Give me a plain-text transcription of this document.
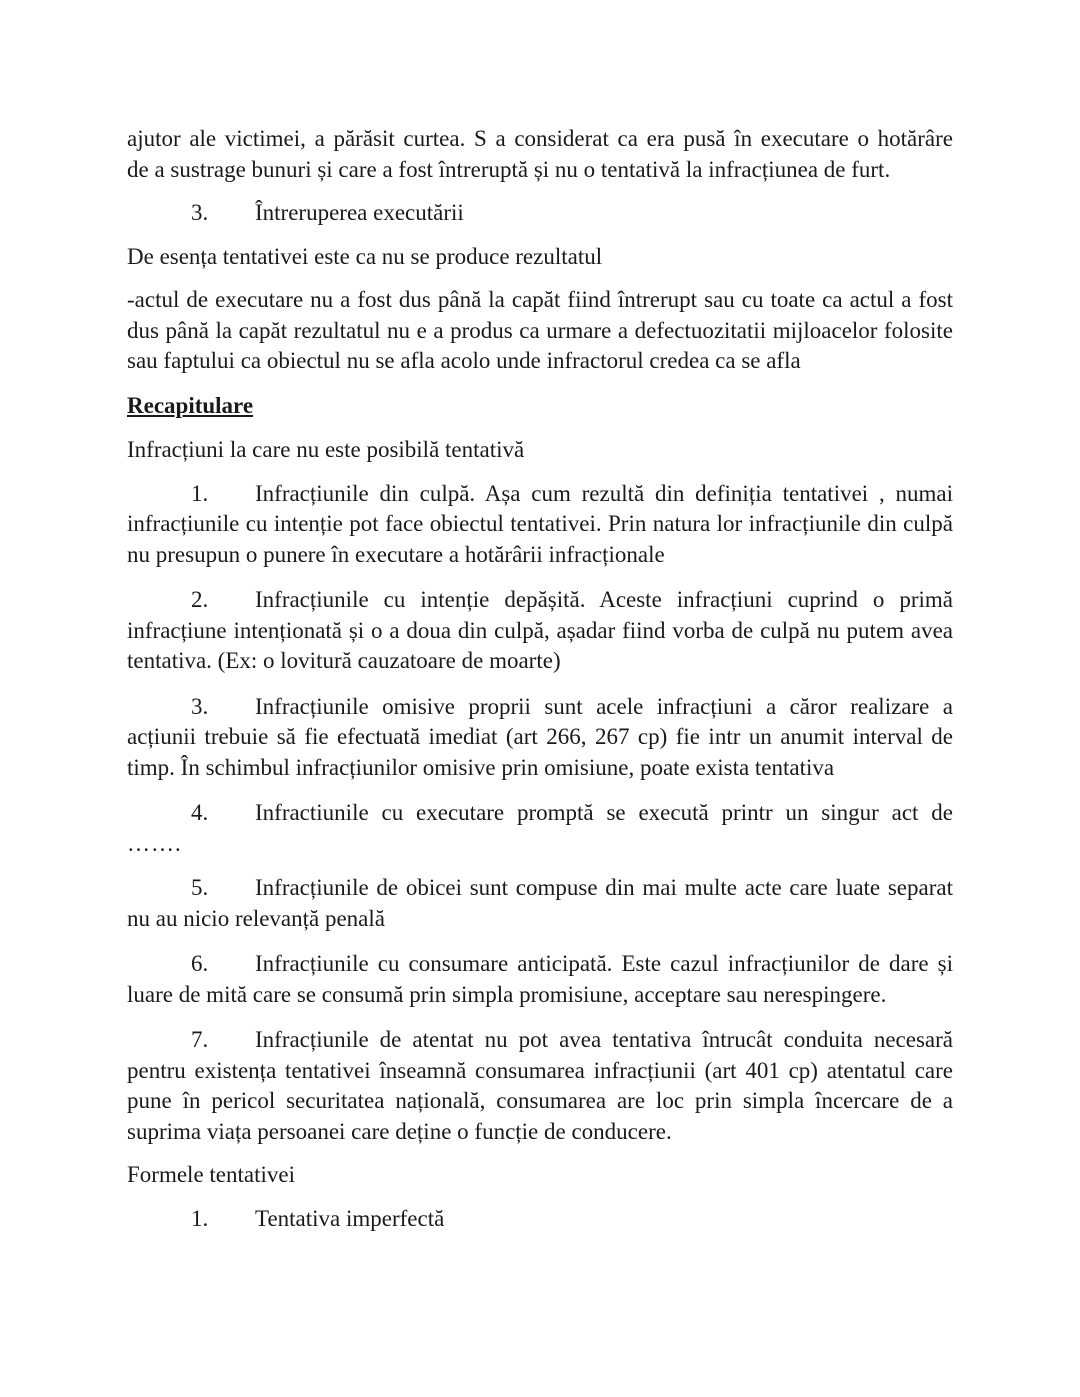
ajutor ale victimei, a părăsit curtea. S a considerat ca era pusă în executare o hotărâre
de a sustrage bunuri și care a fost întreruptă și nu o tentativă la infracțiunea de furt.
3. Întreruperea executării
De esența tentativei este ca nu se produce rezultatul
-actul de executare nu a fost dus până la capăt fiind întrerupt sau cu toate ca actul a fost dus până la capăt rezultatul nu e a produs ca urmare a defectuozitatii mijloacelor folosite sau faptului ca obiectul nu se afla acolo unde infractorul credea ca se afla
Recapitulare
Infracțiuni la care nu este posibilă tentativă
1. Infracțiunile din culpă. Așa cum rezultă din definiția tentativei , numai infracțiunile cu intenție pot face obiectul tentativei. Prin natura lor infracțiunile din culpă nu presupun o punere în executare a hotărârii infracționale
2. Infracțiunile cu intenție depășită. Aceste infracțiuni cuprind o primă infracțiune intenționată și o a doua din culpă, așadar fiind vorba de culpă nu putem avea tentativa. (Ex: o lovitură cauzatoare de moarte)
3. Infracțiunile omisive proprii sunt acele infracțiuni a căror realizare a acțiunii trebuie să fie efectuată imediat (art 266, 267 cp) fie intr un anumit interval de timp. În schimbul infracțiunilor omisive prin omisiune, poate exista tentativa
4. Infractiunile cu executare promptă se execută printr un singur act de
…….
5. Infracțiunile de obicei sunt compuse din mai multe acte care luate separat nu au nicio relevanță penală
6. Infracțiunile cu consumare anticipată. Este cazul infracțiunilor de dare și luare de mită care se consumă prin simpla promisiune, acceptare sau nerespingere.
7. Infracțiunile de atentat nu pot avea tentativa întrucât conduita necesară pentru existența tentativei înseamnă consumarea infracțiunii (art 401 cp) atentatul care pune în pericol securitatea națională, consumarea are loc prin simpla încercare de a suprima viața persoanei care deține o funcție de conducere.
Formele tentativei
1. Tentativa imperfectă
